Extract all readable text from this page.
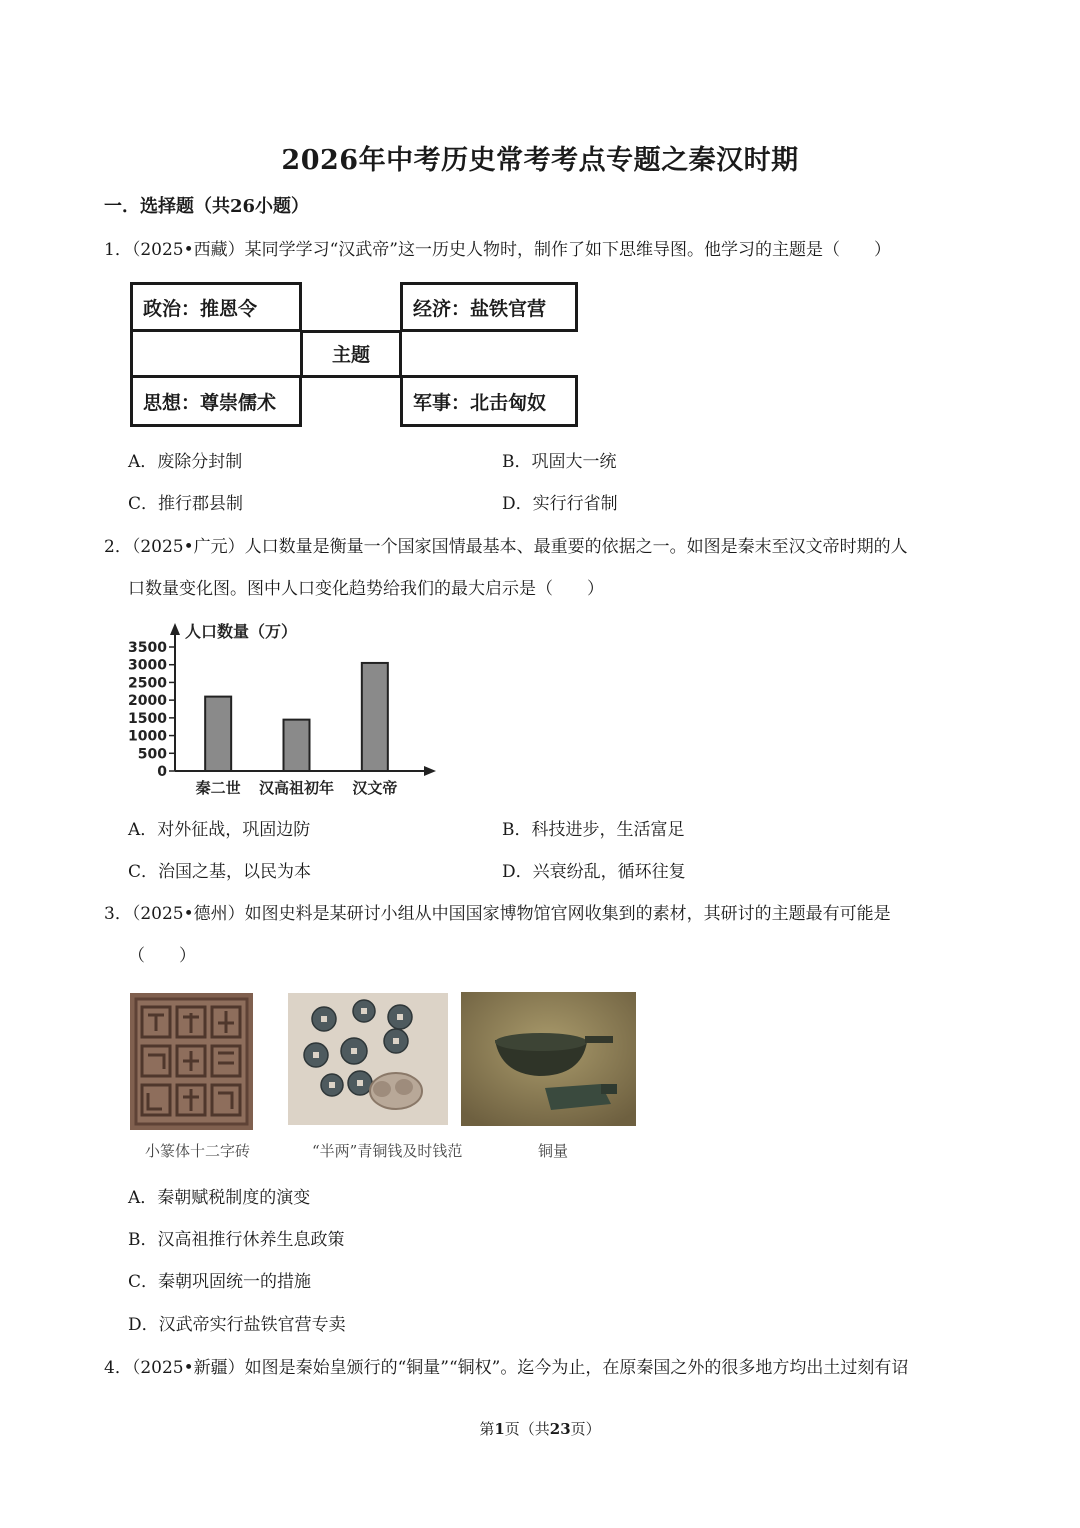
2026年中考历史常考考点专题之秦汉时期
一．选择题（共26小题）
1．（2025•西藏）某同学学习“汉武帝”这一历史人物时，制作了如下思维导图。他学习的主题是（　　）
政治：推恩令	经济：盐铁官营
主题
思想：尊崇儒术	军事：北击匈奴
A．废除分封制	B．巩固大一统
C．推行郡县制	D．实行行省制
2．（2025•广元）人口数量是衡量一个国家国情最基本、最重要的依据之一。如图是秦末至汉文帝时期的人
口数量变化图。图中人口变化趋势给我们的最大启示是（　　）
人口数量（万）
0
500
1000
1500
2000
2500
3000
3500
秦二世 汉高祖初年 汉文帝
A．对外征战，巩固边防	B．科技进步，生活富足
C．治国之基，以民为本	D．兴衰纷乱，循环往复
3．（2025•德州）如图史料是某研讨小组从中国国家博物馆官网收集到的素材，其研讨的主题最有可能是
（　　）
小篆体十二字砖	“半两”青铜钱及时钱范	铜量
A．秦朝赋税制度的演变
B．汉高祖推行休养生息政策
C．秦朝巩固统一的措施
D．汉武帝实行盐铁官营专卖
4．（2025•新疆）如图是秦始皇颁行的“铜量”“铜权”。迄今为止，在原秦国之外的很多地方均出土过刻有诏
第1页（共23页）
